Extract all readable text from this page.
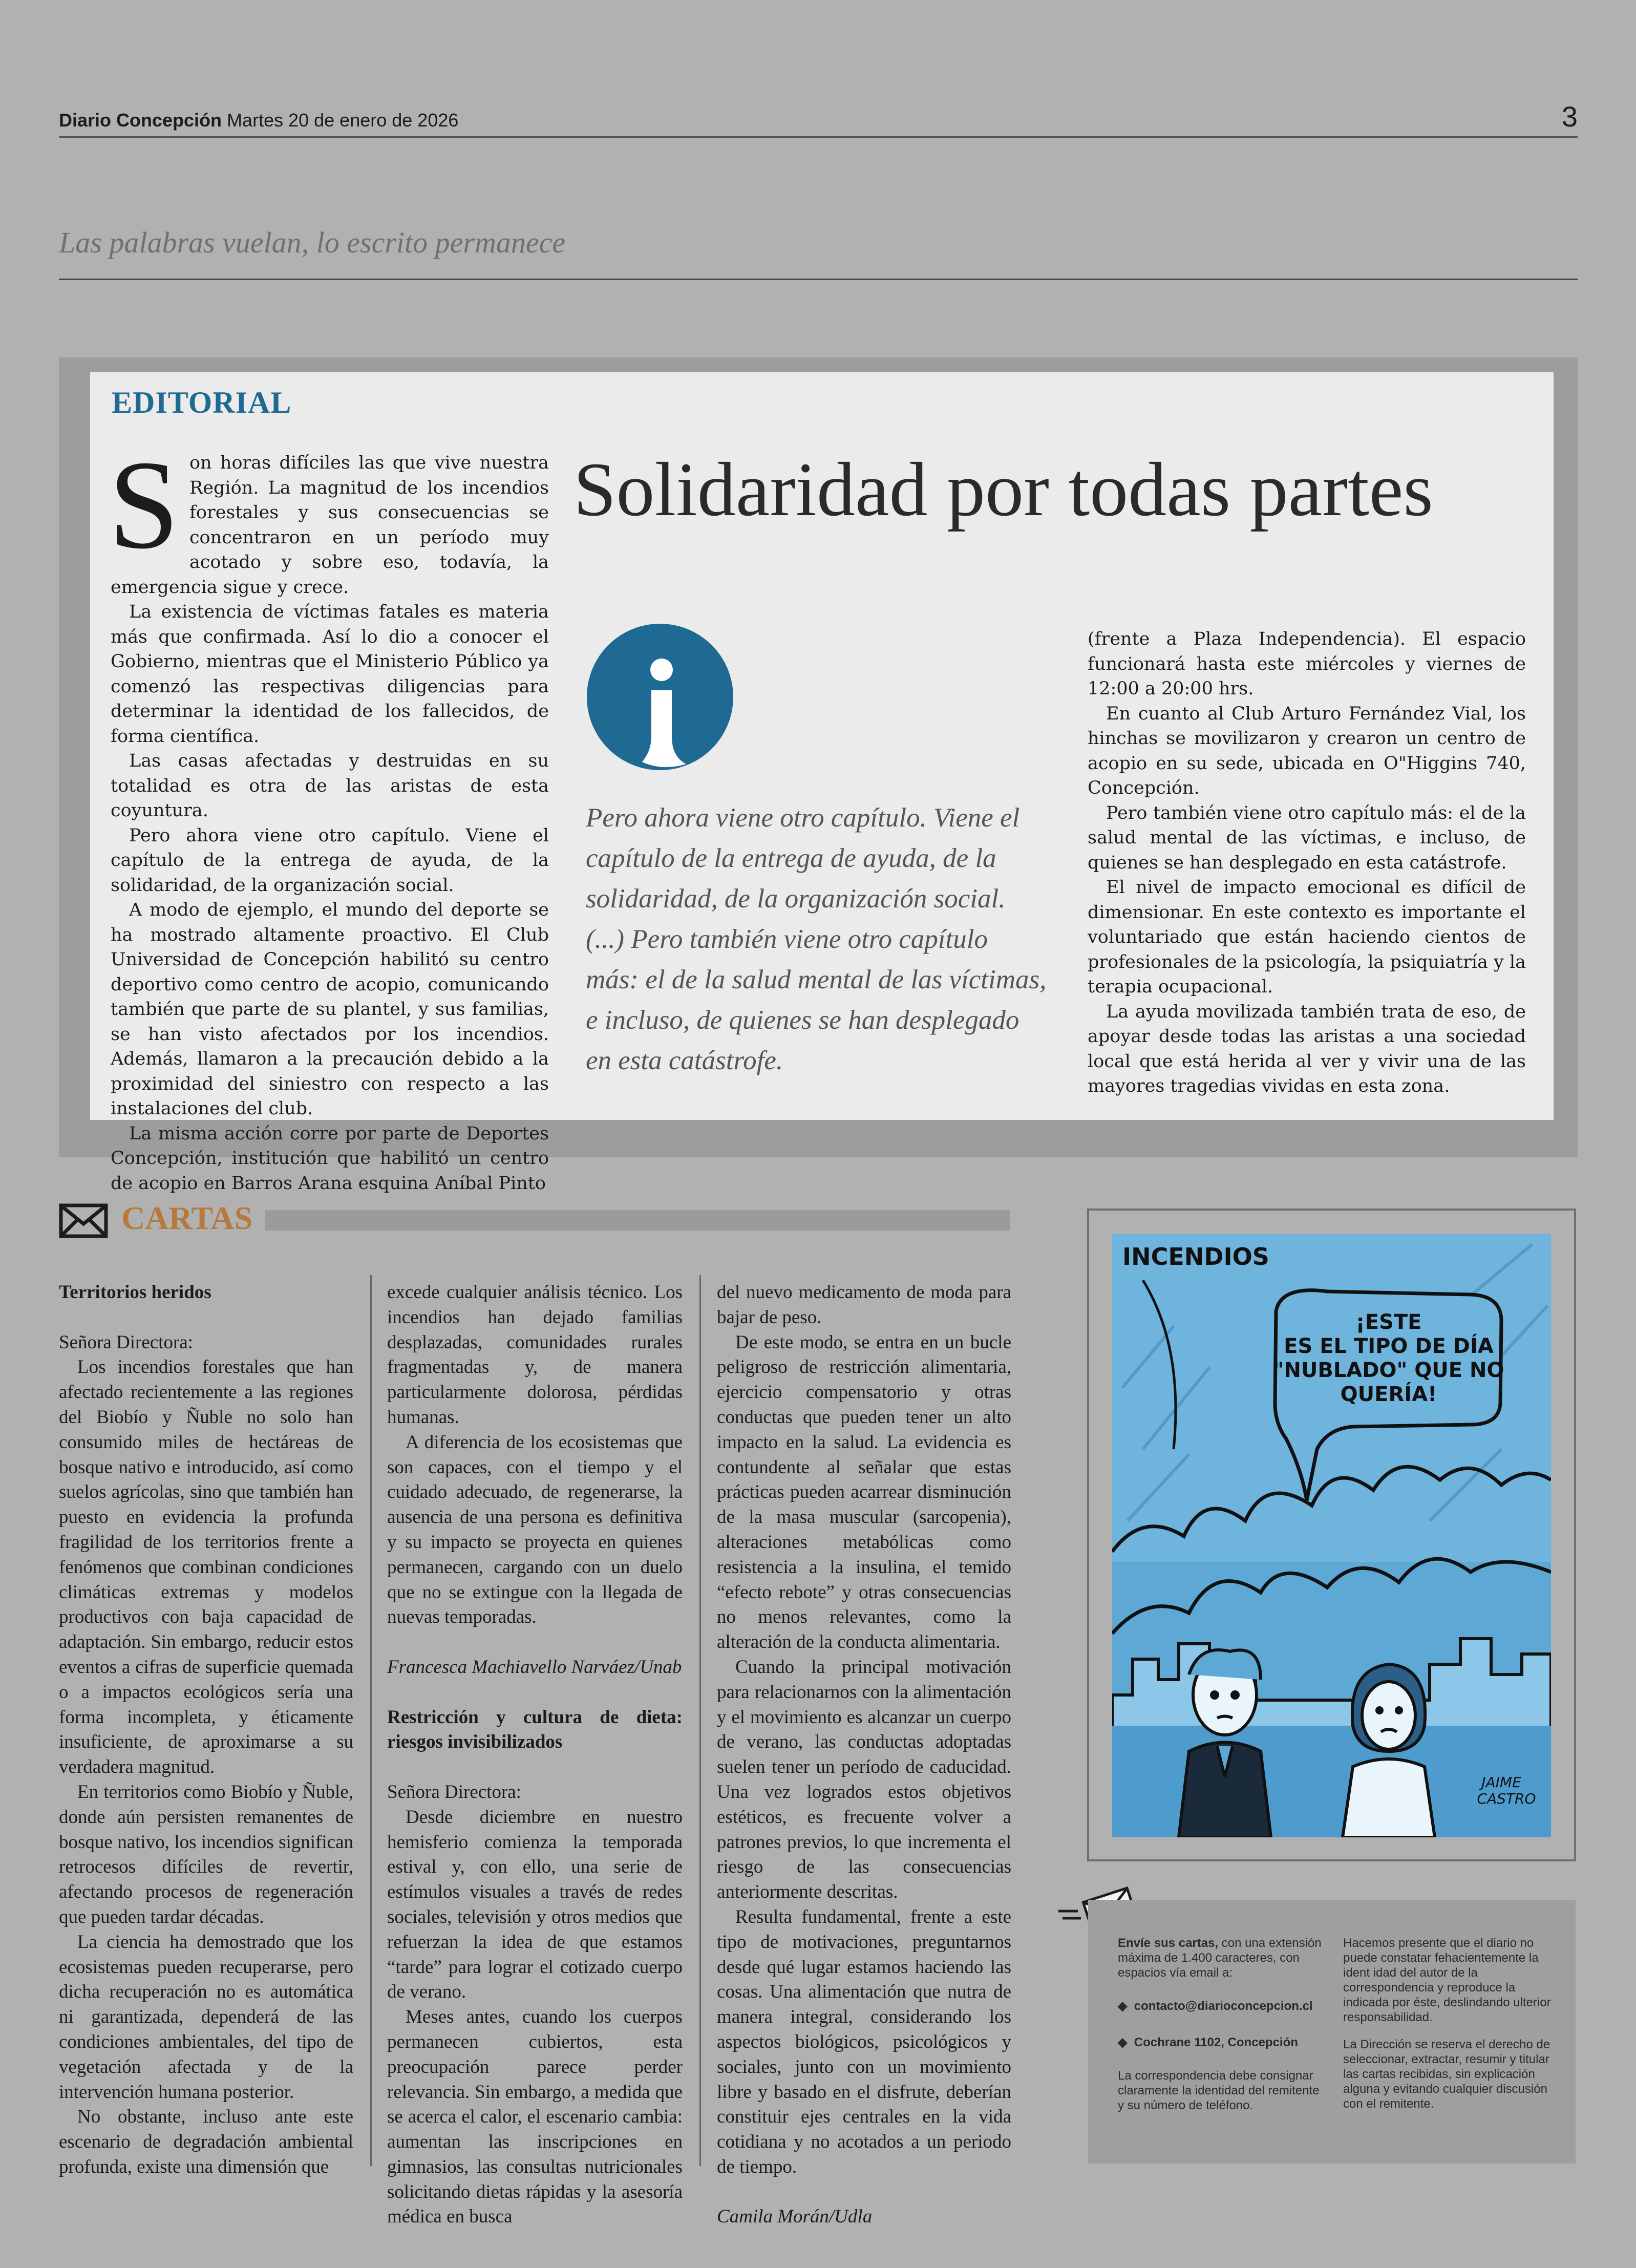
Diario Concepción Martes 20 de enero de 2026	3
Las palabras vuelan, lo escrito permanece
EDITORIAL
Solidaridad por todas partes
S on horas difíciles las que vive nuestra Región. La magnitud de los incendios forestales y sus consecuencias se concentraron en un período muy acotado y sobre eso, todavía, la emergencia sigue y crece.

La existencia de víctimas fatales es materia más que confirmada. Así lo dio a conocer el Gobierno, mientras que el Ministerio Público ya comenzó las respectivas diligencias para determinar la identidad de los fallecidos, de forma científica.

Las casas afectadas y destruidas en su totalidad es otra de las aristas de esta coyuntura.

Pero ahora viene otro capítulo. Viene el capítulo de la entrega de ayuda, de la solidaridad, de la organización social.

A modo de ejemplo, el mundo del deporte se ha mostrado altamente proactivo. El Club Universidad de Concepción habilitó su centro deportivo como centro de acopio, comunicando también que parte de su plantel, y sus familias, se han visto afectados por los incendios. Además, llamaron a la precaución debido a la proximidad del siniestro con respecto a las instalaciones del club.

La misma acción corre por parte de Deportes Concepción, institución que habilitó un centro de acopio en Barros Arana esquina Aníbal Pinto

Pero ahora viene otro capítulo. Viene el capítulo de la entrega de ayuda, de la solidaridad, de la organización social. (...) Pero también viene otro capítulo más: el de la salud mental de las víctimas, e incluso, de quienes se han desplegado en esta catástrofe.

(frente a Plaza Independencia). El espacio funcionará hasta este miércoles y viernes de 12:00 a 20:00 hrs.

En cuanto al Club Arturo Fernández Vial, los hinchas se movilizaron y crearon un centro de acopio en su sede, ubicada en O"Higgins 740, Concepción.

Pero también viene otro capítulo más: el de la salud mental de las víctimas, e incluso, de quienes se han desplegado en esta catástrofe.

El nivel de impacto emocional es difícil de dimensionar. En este contexto es importante el voluntariado que están haciendo cientos de profesionales de la psicología, la psiquiatría y la terapia ocupacional.

La ayuda movilizada también trata de eso, de apoyar desde todas las aristas a una sociedad local que está herida al ver y vivir una de las mayores tragedias vividas en esta zona.

CARTAS

Territorios heridos

Señora Directora:

Los incendios forestales que han afectado recientemente a las regiones del Biobío y Ñuble no solo han consumido miles de hectáreas de bosque nativo e introducido, así como suelos agrícolas, sino que también han puesto en evidencia la profunda fragilidad de los territorios frente a fenómenos que combinan condiciones climáticas extremas y modelos productivos con baja capacidad de adaptación. Sin embargo, reducir estos eventos a cifras de superficie quemada o a impactos ecológicos sería una forma incompleta, y éticamente insuficiente, de aproximarse a su verdadera magnitud.

En territorios como Biobío y Ñuble, donde aún persisten remanentes de bosque nativo, los incendios significan retrocesos difíciles de revertir, afectando procesos de regeneración que pueden tardar décadas.

La ciencia ha demostrado que los ecosistemas pueden recuperarse, pero dicha recuperación no es automática ni garantizada, dependerá de las condiciones ambientales, del tipo de vegetación afectada y de la intervención humana posterior.

No obstante, incluso ante este escenario de degradación ambiental profunda, existe una dimensión que

excede cualquier análisis técnico. Los incendios han dejado familias desplazadas, comunidades rurales fragmentadas y, de manera particularmente dolorosa, pérdidas humanas.

A diferencia de los ecosistemas que son capaces, con el tiempo y el cuidado adecuado, de regenerarse, la ausencia de una persona es definitiva y su impacto se proyecta en quienes permanecen, cargando con un duelo que no se extingue con la llegada de nuevas temporadas.

Francesca Machiavello Narváez/Unab

Restricción y cultura de dieta: riesgos invisibilizados

Señora Directora:

Desde diciembre en nuestro hemisferio comienza la temporada estival y, con ello, una serie de estímulos visuales a través de redes sociales, televisión y otros medios que refuerzan la idea de que estamos “tarde” para lograr el cotizado cuerpo de verano.

Meses antes, cuando los cuerpos permanecen cubiertos, esta preocupación parece perder relevancia. Sin embargo, a medida que se acerca el calor, el escenario cambia: aumentan las inscripciones en gimnasios, las consultas nutricionales solicitando dietas rápidas y la asesoría médica en busca

del nuevo medicamento de moda para bajar de peso.

De este modo, se entra en un bucle peligroso de restricción alimentaria, ejercicio compensatorio y otras conductas que pueden tener un alto impacto en la salud. La evidencia es contundente al señalar que estas prácticas pueden acarrear disminución de la masa muscular (sarcopenia), alteraciones metabólicas como resistencia a la insulina, el temido “efecto rebote” y otras consecuencias no menos relevantes, como la alteración de la conducta alimentaria.

Cuando la principal motivación para relacionarnos con la alimentación y el movimiento es alcanzar un cuerpo de verano, las conductas adoptadas suelen tener un período de caducidad. Una vez logrados estos objetivos estéticos, es frecuente volver a patrones previos, lo que incrementa el riesgo de las consecuencias anteriormente descritas.

Resulta fundamental, frente a este tipo de motivaciones, preguntarnos desde qué lugar estamos haciendo las cosas. Una alimentación que nutra de manera integral, considerando los aspectos biológicos, psicológicos y sociales, junto con un movimiento libre y basado en el disfrute, deberían constituir ejes centrales en la vida cotidiana y no acotados a un periodo de tiempo.

Camila Morán/Udla

INCENDIOS
¡ESTE
ES EL TIPO DE DÍA
"NUBLADO" QUE NO
QUERÍA!
JAIME
CASTRO
Envíe sus cartas, con una extensión máxima de 1.400 caracteres, con espacios vía email a:
◆  contacto@diarioconcepcion.cl
◆  Cochrane 1102, Concepción
La correspondencia debe consignar claramente la identidad del remitente y su número de teléfono.
Hacemos presente que el diario no puede constatar fehacientemente la ident idad del autor de la correspondencia y reproduce la indicada por éste, deslindando ulterior responsabilidad.
La Dirección se reserva el derecho de seleccionar, extractar, resumir y titular las cartas recibidas, sin explicación alguna y evitando cualquier discusión con el remitente.
